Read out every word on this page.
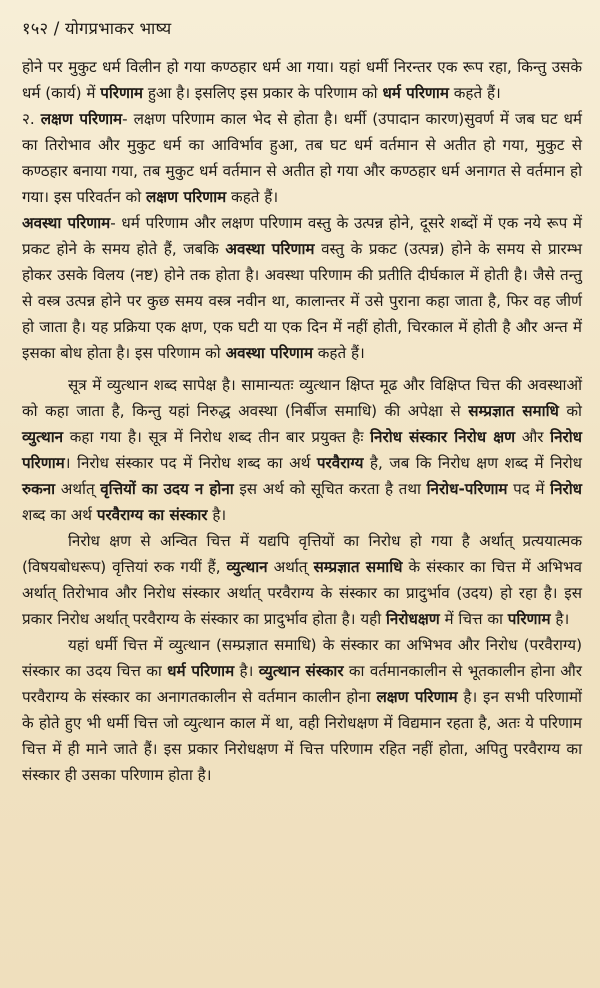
१५२ / योगप्रभाकर भाष्य

होने पर मुकुट धर्म विलीन हो गया कण्ठहार धर्म आ गया। यहां धर्मी निरन्तर एक रूप रहा, किन्तु उसके धर्म (कार्य) में परिणाम हुआ है। इसलिए इस प्रकार के परिणाम को धर्म परिणाम कहते हैं।

२. लक्षण परिणाम- लक्षण परिणाम काल भेद से होता है। धर्मी (उपादान कारण)सुवर्ण में जब घट धर्म का तिरोभाव और मुकुट धर्म का आविर्भाव हुआ, तब घट धर्म वर्तमान से अतीत हो गया, मुकुट से कण्ठहार बनाया गया, तब मुकुट धर्म वर्तमान से अतीत हो गया और कण्ठहार धर्म अनागत से वर्तमान हो गया। इस परिवर्तन को लक्षण परिणाम कहते हैं।

अवस्था परिणाम- धर्म परिणाम और लक्षण परिणाम वस्तु के उत्पन्न होने, दूसरे शब्दों में एक नये रूप में प्रकट होने के समय होते हैं, जबकि अवस्था परिणाम वस्तु के प्रकट (उत्पन्न) होने के समय से प्रारम्भ होकर उसके विलय (नष्ट) होने तक होता है। अवस्था परिणाम की प्रतीति दीर्घकाल में होती है। जैसे तन्तु से वस्त्र उत्पन्न होने पर कुछ समय वस्त्र नवीन था, कालान्तर में उसे पुराना कहा जाता है, फिर वह जीर्ण हो जाता है। यह प्रक्रिया एक क्षण, एक घटी या एक दिन में नहीं होती, चिरकाल में होती है और अन्त में इसका बोध होता है। इस परिणाम को अवस्था परिणाम कहते हैं।

सूत्र में व्युत्थान शब्द सापेक्ष है। सामान्यतः व्युत्थान क्षिप्त मूढ और विक्षिप्त चित्त की अवस्थाओं को कहा जाता है, किन्तु यहां निरुद्ध अवस्था (निर्बीज समाधि) की अपेक्षा से सम्प्रज्ञात समाधि को व्युत्थान कहा गया है। सूत्र में निरोध शब्द तीन बार प्रयुक्त हैः निरोध संस्कार निरोध क्षण और निरोध परिणाम। निरोध संस्कार पद में निरोध शब्द का अर्थ परवैराग्य है, जब कि निरोध क्षण शब्द में निरोध रुकना अर्थात् वृत्तियों का उदय न होना इस अर्थ को सूचित करता है तथा निरोध-परिणाम पद में निरोध शब्द का अर्थ परवैराग्य का संस्कार है।

निरोध क्षण से अन्वित चित्त में यद्यपि वृत्तियों का निरोध हो गया है अर्थात् प्रत्ययात्मक (विषयबोधरूप) वृत्तियां रुक गयीं हैं, व्युत्थान अर्थात् सम्प्रज्ञात समाधि के संस्कार का चित्त में अभिभव अर्थात् तिरोभाव और निरोध संस्कार अर्थात् परवैराग्य के संस्कार का प्रादुर्भाव (उदय) हो रहा है। इस प्रकार निरोध अर्थात् परवैराग्य के संस्कार का प्रादुर्भाव होता है। यही निरोधक्षण में चित्त का परिणाम है।

यहां धर्मी चित्त में व्युत्थान (सम्प्रज्ञात समाधि) के संस्कार का अभिभव और निरोध (परवैराग्य) संस्कार का उदय चित्त का धर्म परिणाम है। व्युत्थान संस्कार का वर्तमानकालीन से भूतकालीन होना और परवैराग्य के संस्कार का अनागतकालीन से वर्तमान कालीन होना लक्षण परिणाम है। इन सभी परिणामों के होते हुए भी धर्मी चित्त जो व्युत्थान काल में था, वही निरोधक्षण में विद्यमान रहता है, अतः ये परिणाम चित्त में ही माने जाते हैं। इस प्रकार निरोधक्षण में चित्त परिणाम रहित नहीं होता, अपितु परवैराग्य का संस्कार ही उसका परिणाम होता है।
